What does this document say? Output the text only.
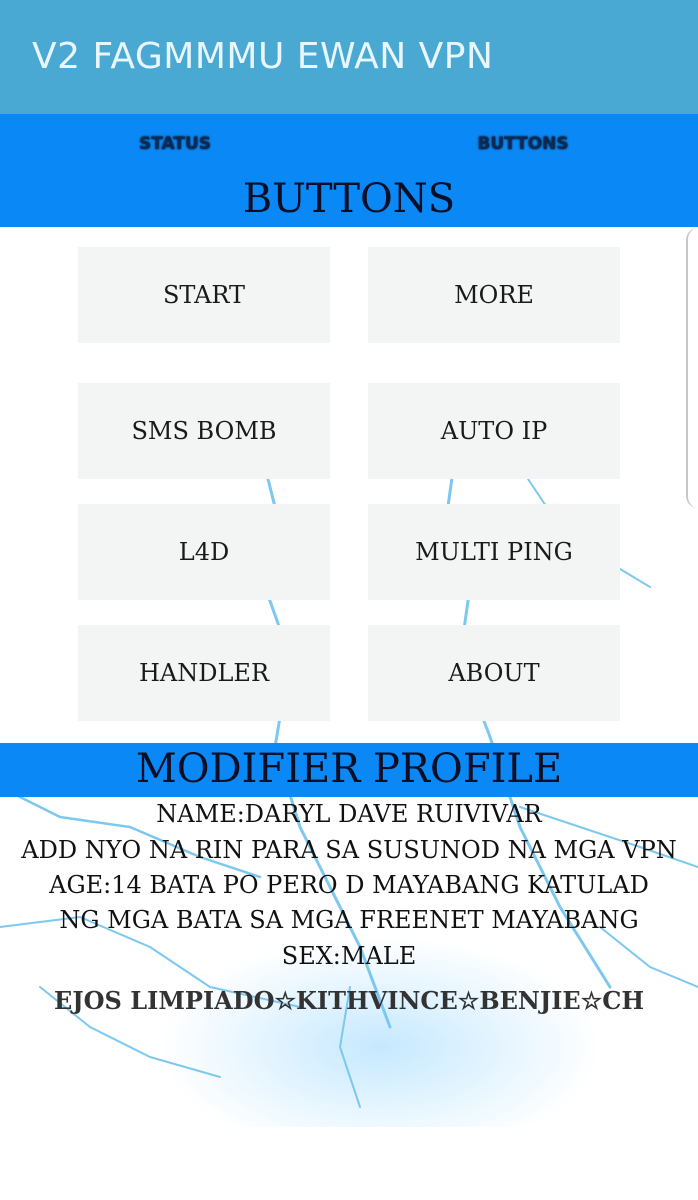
V2 FAGMMMU EWAN VPN
STATUS	BUTTONS
BUTTONS
START	MORE
SMS BOMB	AUTO IP
L4D	MULTI PING
HANDLER	ABOUT
MODIFIER PROFILE
NAME:DARYL DAVE RUIVIVAR
ADD NYO NA RIN PARA SA SUSUNOD NA MGA VPN
AGE:14 BATA PO PERO D MAYABANG KATULAD
NG MGA BATA SA MGA FREENET MAYABANG
SEX:MALE
EJOS LIMPIADO☆KITHVINCE☆BENJIE☆CH
